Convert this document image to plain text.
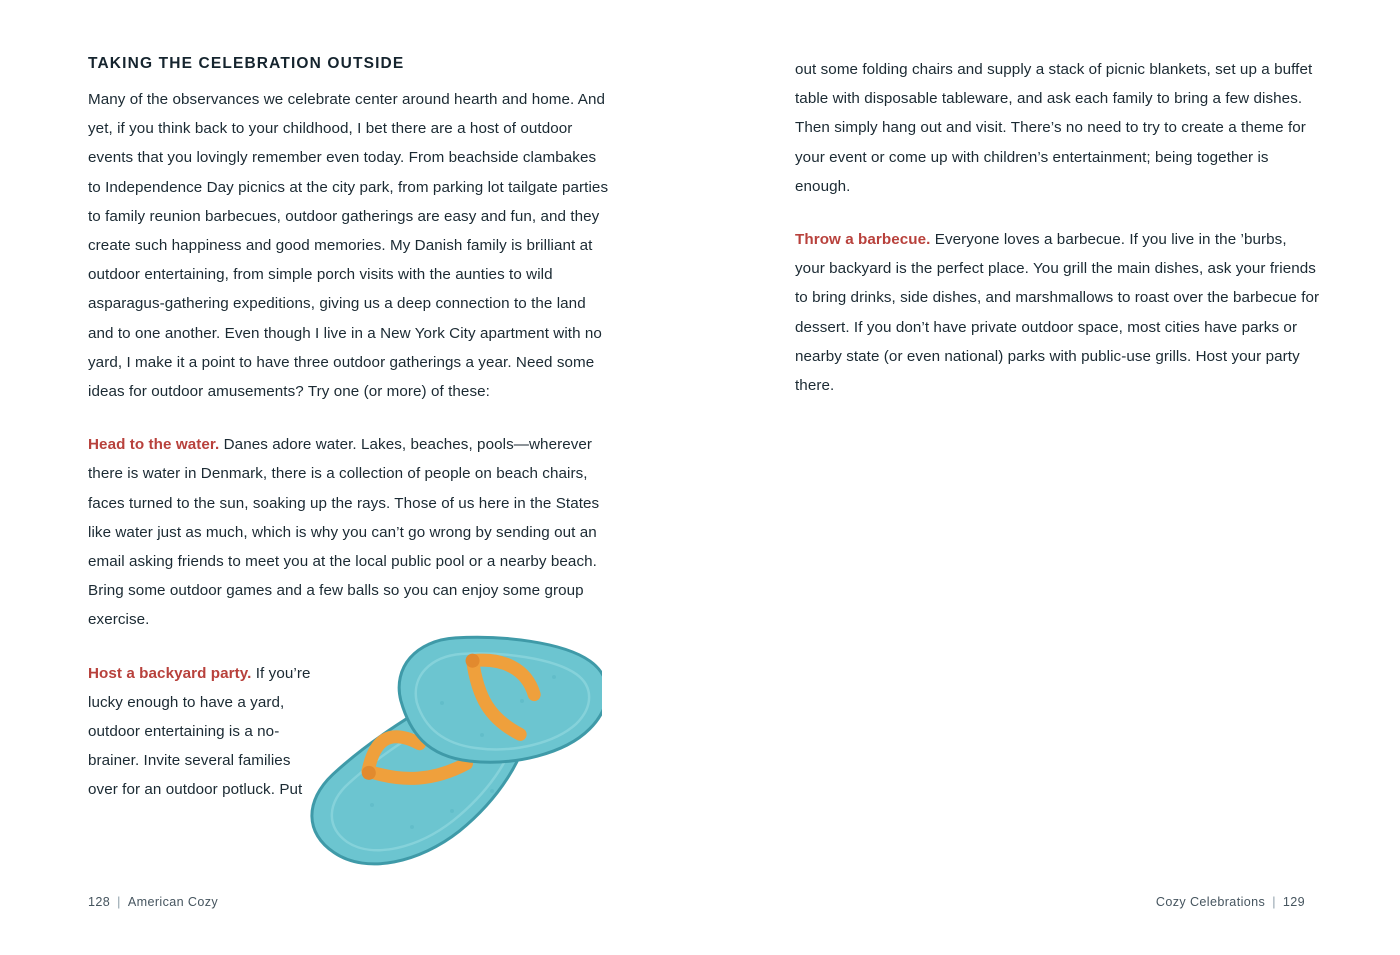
TAKING THE CELEBRATION OUTSIDE

Many of the observances we celebrate center around hearth and home. And yet, if you think back to your childhood, I bet there are a host of outdoor events that you lovingly remember even today. From beachside clambakes to Independence Day picnics at the city park, from parking lot tailgate parties to family reunion barbecues, outdoor gatherings are easy and fun, and they create such happiness and good memories. My Danish family is brilliant at outdoor entertaining, from simple porch visits with the aunties to wild asparagus-gathering expeditions, giving us a deep connection to the land and to one another. Even though I live in a New York City apartment with no yard, I make it a point to have three outdoor gatherings a year. Need some ideas for outdoor amusements? Try one (or more) of these:

Head to the water. Danes adore water. Lakes, beaches, pools—wherever there is water in Denmark, there is a collection of people on beach chairs, faces turned to the sun, soaking up the rays. Those of us here in the States like water just as much, which is why you can’t go wrong by sending out an email asking friends to meet you at the local public pool or a nearby beach. Bring some outdoor games and a few balls so you can enjoy some group exercise.

Host a backyard party. If you’re lucky enough to have a yard, outdoor entertaining is a no-brainer. Invite several families over for an outdoor potluck. Put

128 | American Cozy

out some folding chairs and supply a stack of picnic blankets, set up a buffet table with disposable tableware, and ask each family to bring a few dishes. Then simply hang out and visit. There’s no need to try to create a theme for your event or come up with children’s entertainment; being together is enough.

Throw a barbecue. Everyone loves a barbecue. If you live in the ’burbs, your backyard is the perfect place. You grill the main dishes, ask your friends to bring drinks, side dishes, and marshmallows to roast over the barbecue for dessert. If you don’t have private outdoor space, most cities have parks or nearby state (or even national) parks with public-use grills. Host your party there.

Cozy Celebrations | 129
